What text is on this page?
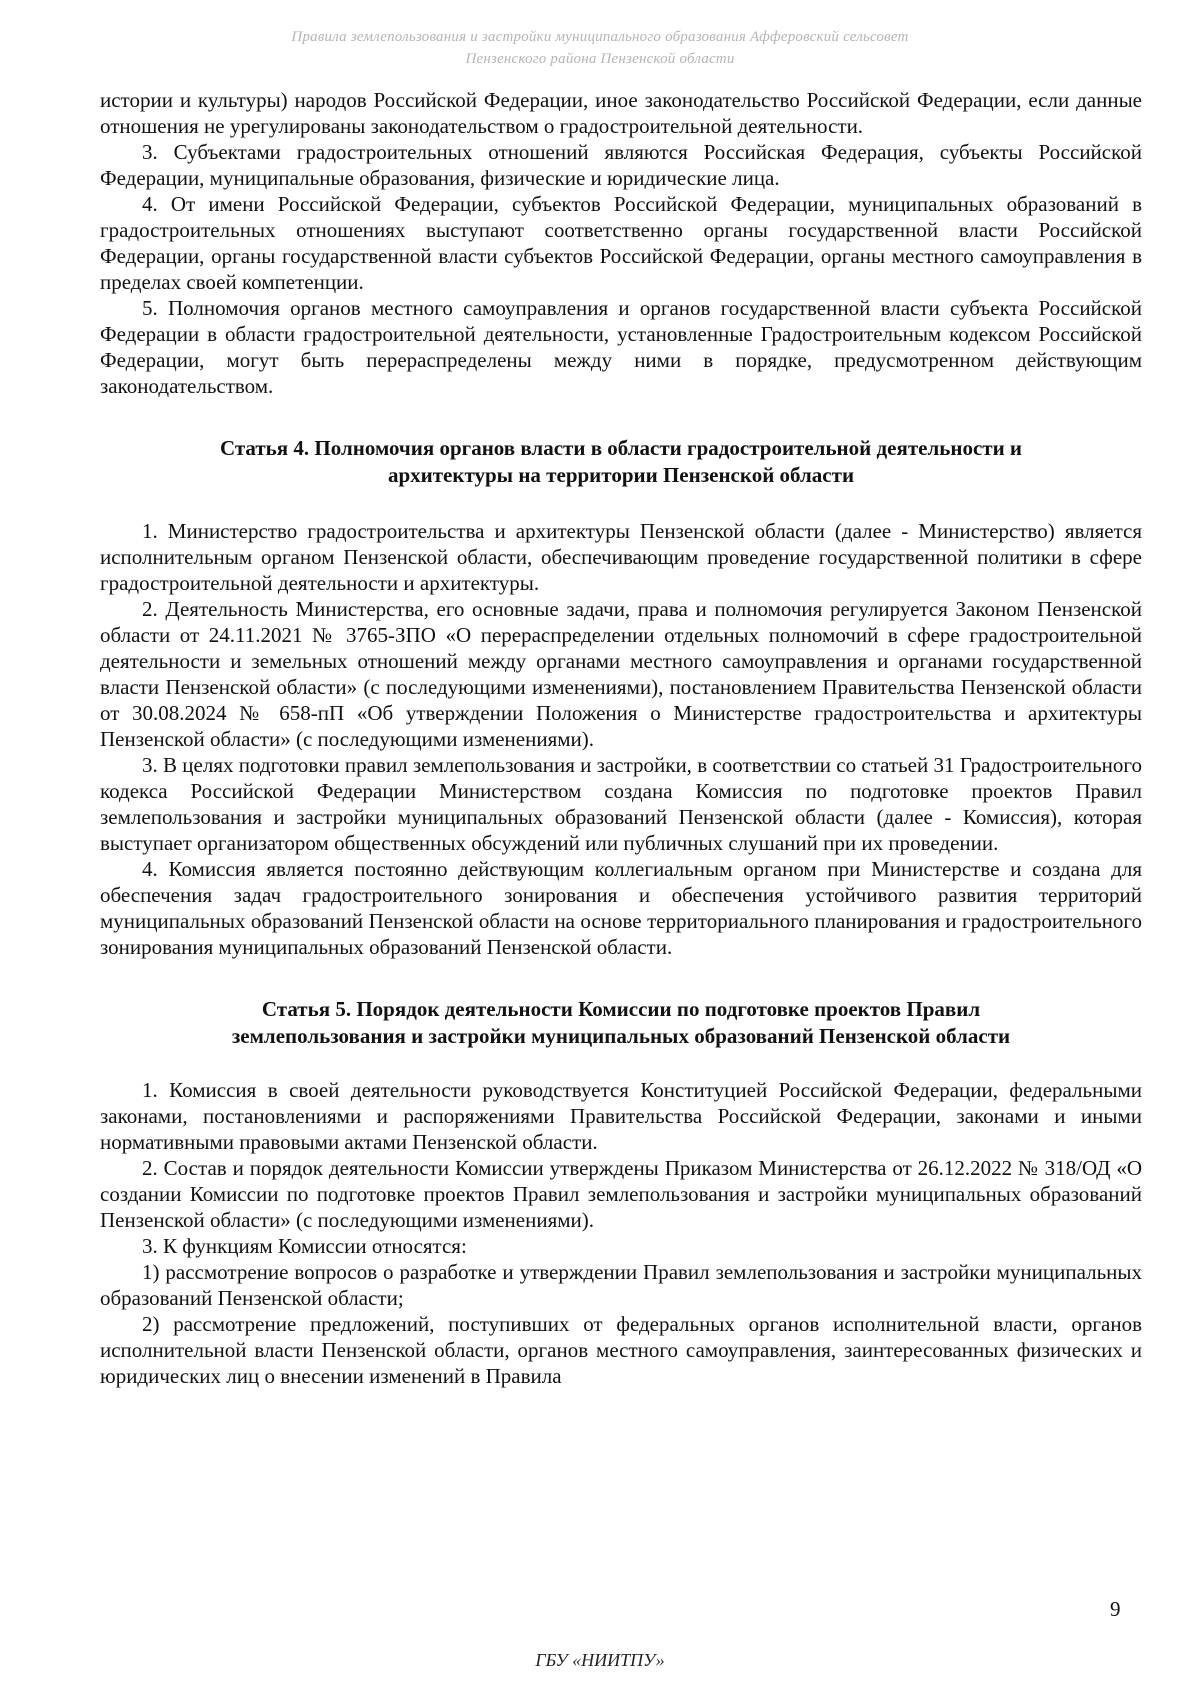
Правила землепользования и застройки муниципального образования Афферовский сельсовет
Пензенского района Пензенской области

истории и культуры) народов Российской Федерации, иное законодательство Российской Федерации, если данные отношения не урегулированы законодательством о градостроительной деятельности.

3. Субъектами градостроительных отношений являются Российская Федерация, субъекты Российской Федерации, муниципальные образования, физические и юридические лица.

4. От имени Российской Федерации, субъектов Российской Федерации, муниципальных образований в градостроительных отношениях выступают соответственно органы государственной власти Российской Федерации, органы государственной власти субъектов Российской Федерации, органы местного самоуправления в пределах своей компетенции.

5. Полномочия органов местного самоуправления и органов государственной власти субъекта Российской Федерации в области градостроительной деятельности, установленные Градостроительным кодексом Российской Федерации, могут быть перераспределены между ними в порядке, предусмотренном действующим законодательством.

Статья 4. Полномочия органов власти в области градостроительной деятельности и
архитектуры на территории Пензенской области

1. Министерство градостроительства и архитектуры Пензенской области (далее - Министерство) является исполнительным органом Пензенской области, обеспечивающим проведение государственной политики в сфере градостроительной деятельности и архитектуры.

2. Деятельность Министерства, его основные задачи, права и полномочия регулируется Законом Пензенской области от 24.11.2021 № 3765-ЗПО «О перераспределении отдельных полномочий в сфере градостроительной деятельности и земельных отношений между органами местного самоуправления и органами государственной власти Пензенской области» (с последующими изменениями), постановлением Правительства Пензенской области от 30.08.2024 № 658-пП «Об утверждении Положения о Министерстве градостроительства и архитектуры Пензенской области» (с последующими изменениями).

3. В целях подготовки правил землепользования и застройки, в соответствии со статьей 31 Градостроительного кодекса Российской Федерации Министерством создана Комиссия по подготовке проектов Правил землепользования и застройки муниципальных образований Пензенской области (далее - Комиссия), которая выступает организатором общественных обсуждений или публичных слушаний при их проведении.

4. Комиссия является постоянно действующим коллегиальным органом при Министерстве и создана для обеспечения задач градостроительного зонирования и обеспечения устойчивого развития территорий муниципальных образований Пензенской области на основе территориального планирования и градостроительного зонирования муниципальных образований Пензенской области.

Статья 5. Порядок деятельности Комиссии по подготовке проектов Правил
землепользования и застройки муниципальных образований Пензенской области

1. Комиссия в своей деятельности руководствуется Конституцией Российской Федерации, федеральными законами, постановлениями и распоряжениями Правительства Российской Федерации, законами и иными нормативными правовыми актами Пензенской области.

2. Состав и порядок деятельности Комиссии утверждены Приказом Министерства от 26.12.2022 № 318/ОД «О создании Комиссии по подготовке проектов Правил землепользования и застройки муниципальных образований Пензенской области» (с последующими изменениями).

3. К функциям Комиссии относятся:

1) рассмотрение вопросов о разработке и утверждении Правил землепользования и застройки муниципальных образований Пензенской области;

2) рассмотрение предложений, поступивших от федеральных органов исполнительной власти, органов исполнительной власти Пензенской области, органов местного самоуправления, заинтересованных физических и юридических лиц о внесении изменений в Правила

9
ГБУ «НИИТПУ»
